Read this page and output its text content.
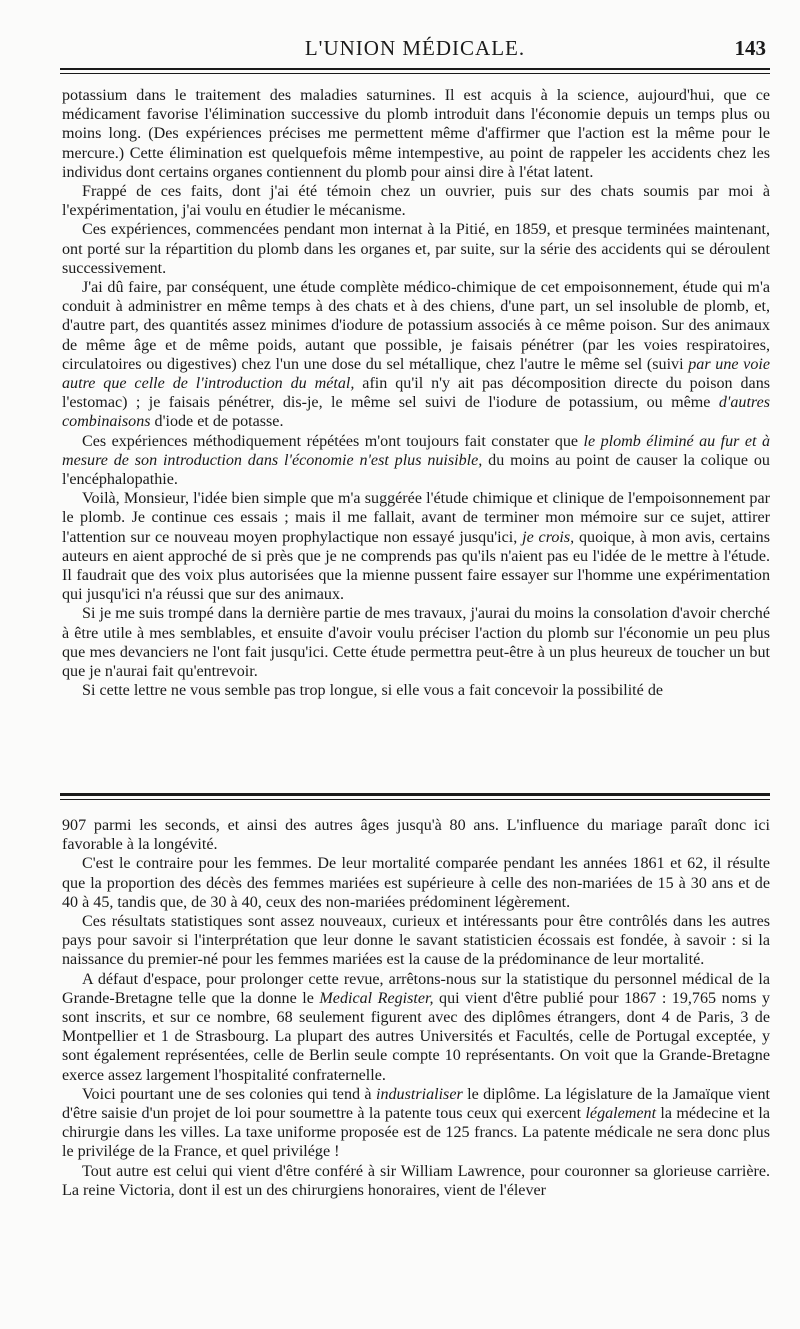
L'UNION MÉDICALE.	143

potassium dans le traitement des maladies saturnines. Il est acquis à la science, aujourd'hui, que ce médicament favorise l'élimination successive du plomb introduit dans l'économie depuis un temps plus ou moins long. (Des expériences précises me permettent même d'affirmer que l'action est la même pour le mercure.) Cette élimination est quelquefois même intempestive, au point de rappeler les accidents chez les individus dont certains organes contiennent du plomb pour ainsi dire à l'état latent.

Frappé de ces faits, dont j'ai été témoin chez un ouvrier, puis sur des chats soumis par moi à l'expérimentation, j'ai voulu en étudier le mécanisme.

Ces expériences, commencées pendant mon internat à la Pitié, en 1859, et presque terminées maintenant, ont porté sur la répartition du plomb dans les organes et, par suite, sur la série des accidents qui se déroulent successivement.

J'ai dû faire, par conséquent, une étude complète médico-chimique de cet empoisonnement, étude qui m'a conduit à administrer en même temps à des chats et à des chiens, d'une part, un sel insoluble de plomb, et, d'autre part, des quantités assez minimes d'iodure de potassium associés à ce même poison. Sur des animaux de même âge et de même poids, autant que possible, je faisais pénétrer (par les voies respiratoires, circulatoires ou digestives) chez l'un une dose du sel métallique, chez l'autre le même sel (suivi par une voie autre que celle de l'introduction du métal, afin qu'il n'y ait pas décomposition directe du poison dans l'estomac) ; je faisais pénétrer, dis-je, le même sel suivi de l'iodure de potassium, ou même d'autres combinaisons d'iode et de potasse.

Ces expériences méthodiquement répétées m'ont toujours fait constater que le plomb éliminé au fur et à mesure de son introduction dans l'économie n'est plus nuisible, du moins au point de causer la colique ou l'encéphalopathie.

Voilà, Monsieur, l'idée bien simple que m'a suggérée l'étude chimique et clinique de l'empoisonnement par le plomb. Je continue ces essais ; mais il me fallait, avant de terminer mon mémoire sur ce sujet, attirer l'attention sur ce nouveau moyen prophylactique non essayé jusqu'ici, je crois, quoique, à mon avis, certains auteurs en aient approché de si près que je ne comprends pas qu'ils n'aient pas eu l'idée de le mettre à l'étude. Il faudrait que des voix plus autorisées que la mienne pussent faire essayer sur l'homme une expérimentation qui jusqu'ici n'a réussi que sur des animaux.

Si je me suis trompé dans la dernière partie de mes travaux, j'aurai du moins la consolation d'avoir cherché à être utile à mes semblables, et ensuite d'avoir voulu préciser l'action du plomb sur l'économie un peu plus que mes devanciers ne l'ont fait jusqu'ici. Cette étude permettra peut-être à un plus heureux de toucher un but que je n'aurai fait qu'entrevoir.

Si cette lettre ne vous semble pas trop longue, si elle vous a fait concevoir la possibilité de

907 parmi les seconds, et ainsi des autres âges jusqu'à 80 ans. L'influence du mariage paraît donc ici favorable à la longévité.

C'est le contraire pour les femmes. De leur mortalité comparée pendant les années 1861 et 62, il résulte que la proportion des décès des femmes mariées est supérieure à celle des non-mariées de 15 à 30 ans et de 40 à 45, tandis que, de 30 à 40, ceux des non-mariées prédominent légèrement.

Ces résultats statistiques sont assez nouveaux, curieux et intéressants pour être contrôlés dans les autres pays pour savoir si l'interprétation que leur donne le savant statisticien écossais est fondée, à savoir : si la naissance du premier-né pour les femmes mariées est la cause de la prédominance de leur mortalité.

A défaut d'espace, pour prolonger cette revue, arrêtons-nous sur la statistique du personnel médical de la Grande-Bretagne telle que la donne le Medical Register, qui vient d'être publié pour 1867 : 19,765 noms y sont inscrits, et sur ce nombre, 68 seulement figurent avec des diplômes étrangers, dont 4 de Paris, 3 de Montpellier et 1 de Strasbourg. La plupart des autres Universités et Facultés, celle de Portugal exceptée, y sont également représentées, celle de Berlin seule compte 10 représentants. On voit que la Grande-Bretagne exerce assez largement l'hospitalité confraternelle.

Voici pourtant une de ses colonies qui tend à industrialiser le diplôme. La législature de la Jamaïque vient d'être saisie d'un projet de loi pour soumettre à la patente tous ceux qui exercent légalement la médecine et la chirurgie dans les villes. La taxe uniforme proposée est de 125 francs. La patente médicale ne sera donc plus le privilége de la France, et quel privilége !

Tout autre est celui qui vient d'être conféré à sir William Lawrence, pour couronner sa glorieuse carrière. La reine Victoria, dont il est un des chirurgiens honoraires, vient de l'élever
